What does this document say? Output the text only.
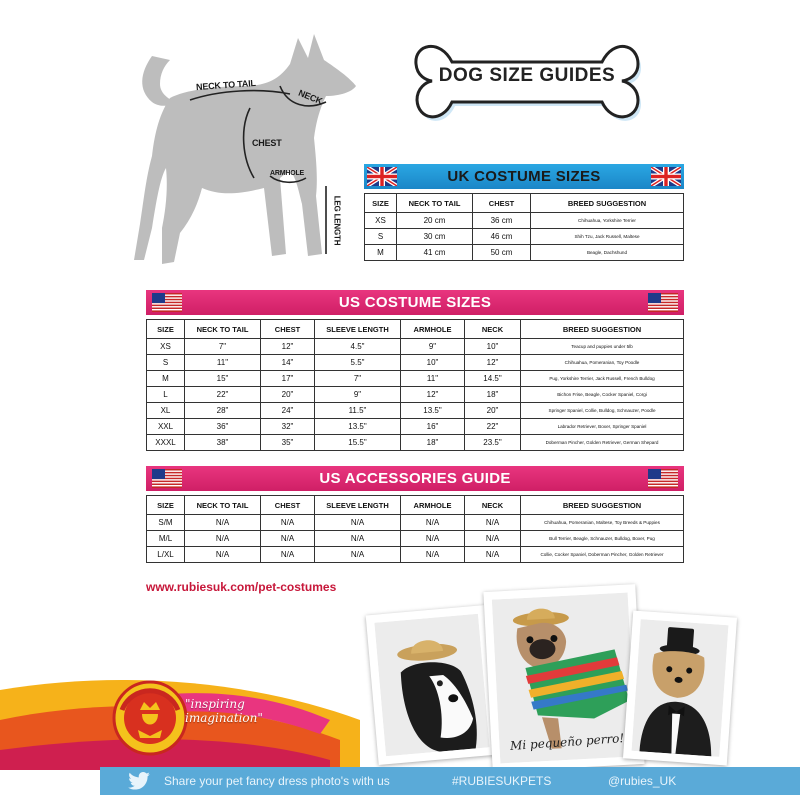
NECK TO TAIL
NECK
CHEST
ARMHOLE
LEG LENGTH
DOG SIZE GUIDES
UK COSTUME SIZES
SIZE	NECK TO TAIL	CHEST	BREED SUGGESTION
XS	20 cm	36 cm	Chihuahua, Yorkshire Terrier
S	30 cm	46 cm	Shih Tzu, Jack Russell, Maltese
M	41 cm	50 cm	Beagle, Dachshund
US COSTUME SIZES
SIZE	NECK TO TAIL	CHEST	SLEEVE LENGTH	ARMHOLE	NECK	BREED SUGGESTION
XS	7"	12"	4.5"	9"	10"	Teacup and puppies under 5lb
S	11"	14"	5.5"	10"	12"	Chihuahua, Pomeranian, Toy Poodle
M	15"	17"	7"	11"	14.5"	Pug, Yorkshire Terrier, Jack Russell, French Bulldog
L	22"	20"	9"	12"	18"	Bichon Frise, Beagle, Cocker Spaniel, Corgi
XL	28"	24"	11.5"	13.5"	20"	Springer Spaniel, Collie, Bulldog, Schnauzer, Poodle
XXL	36"	32"	13.5"	16"	22"	Labrador Retriever, Boxer, Springer Spaniel
XXXL	38"	35"	15.5"	18"	23.5"	Doberman Pincher, Golden Retriever, German Shepard
US ACCESSORIES GUIDE
SIZE	NECK TO TAIL	CHEST	SLEEVE LENGTH	ARMHOLE	NECK	BREED SUGGESTION
S/M	N/A	N/A	N/A	N/A	N/A	Chihuahua, Pomeranian, Maltese, Toy Breeds & Puppies
M/L	N/A	N/A	N/A	N/A	N/A	Bull Terrier, Beagle, Schnauzer, Bulldog, Boxer, Pug
L/XL	N/A	N/A	N/A	N/A	N/A	Collie, Cocker Spaniel, Doberman Pincher, Golden Retriever
www.rubiesuk.com/pet-costumes
Mi pequeño perro!
"inspiring
imagination"
Share your pet fancy dress photo's with us	#RUBIESUKPETS	@rubies_UK
